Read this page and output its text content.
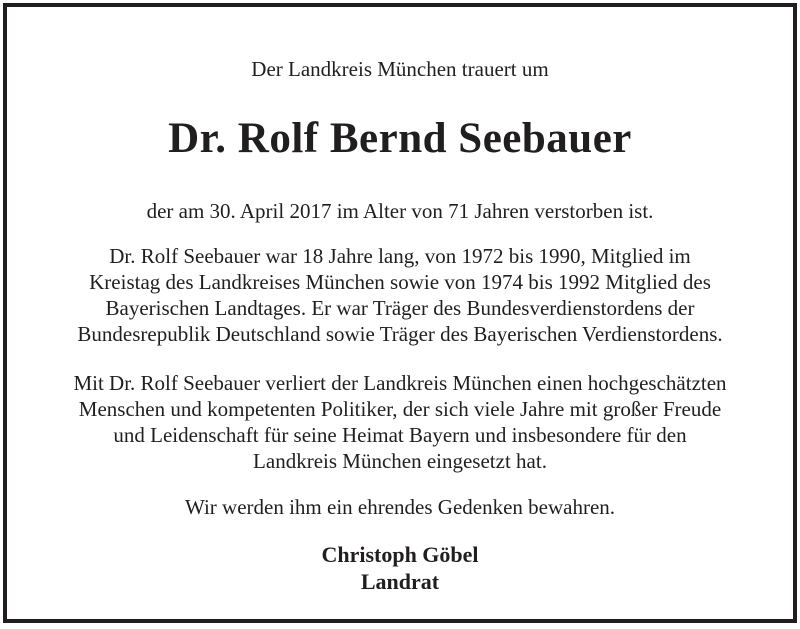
Der Landkreis München trauert um
Dr. Rolf Bernd Seebauer
der am 30. April 2017 im Alter von 71 Jahren verstorben ist.
Dr. Rolf Seebauer war 18 Jahre lang, von 1972 bis 1990, Mitglied im
Kreistag des Landkreises München sowie von 1974 bis 1992 Mitglied des
Bayerischen Landtages. Er war Träger des Bundesverdienstordens der
Bundesrepublik Deutschland sowie Träger des Bayerischen Verdienstordens.
Mit Dr. Rolf Seebauer verliert der Landkreis München einen hochgeschätzten
Menschen und kompetenten Politiker, der sich viele Jahre mit großer Freude
und Leidenschaft für seine Heimat Bayern und insbesondere für den
Landkreis München eingesetzt hat.
Wir werden ihm ein ehrendes Gedenken bewahren.
Christoph Göbel
Landrat
